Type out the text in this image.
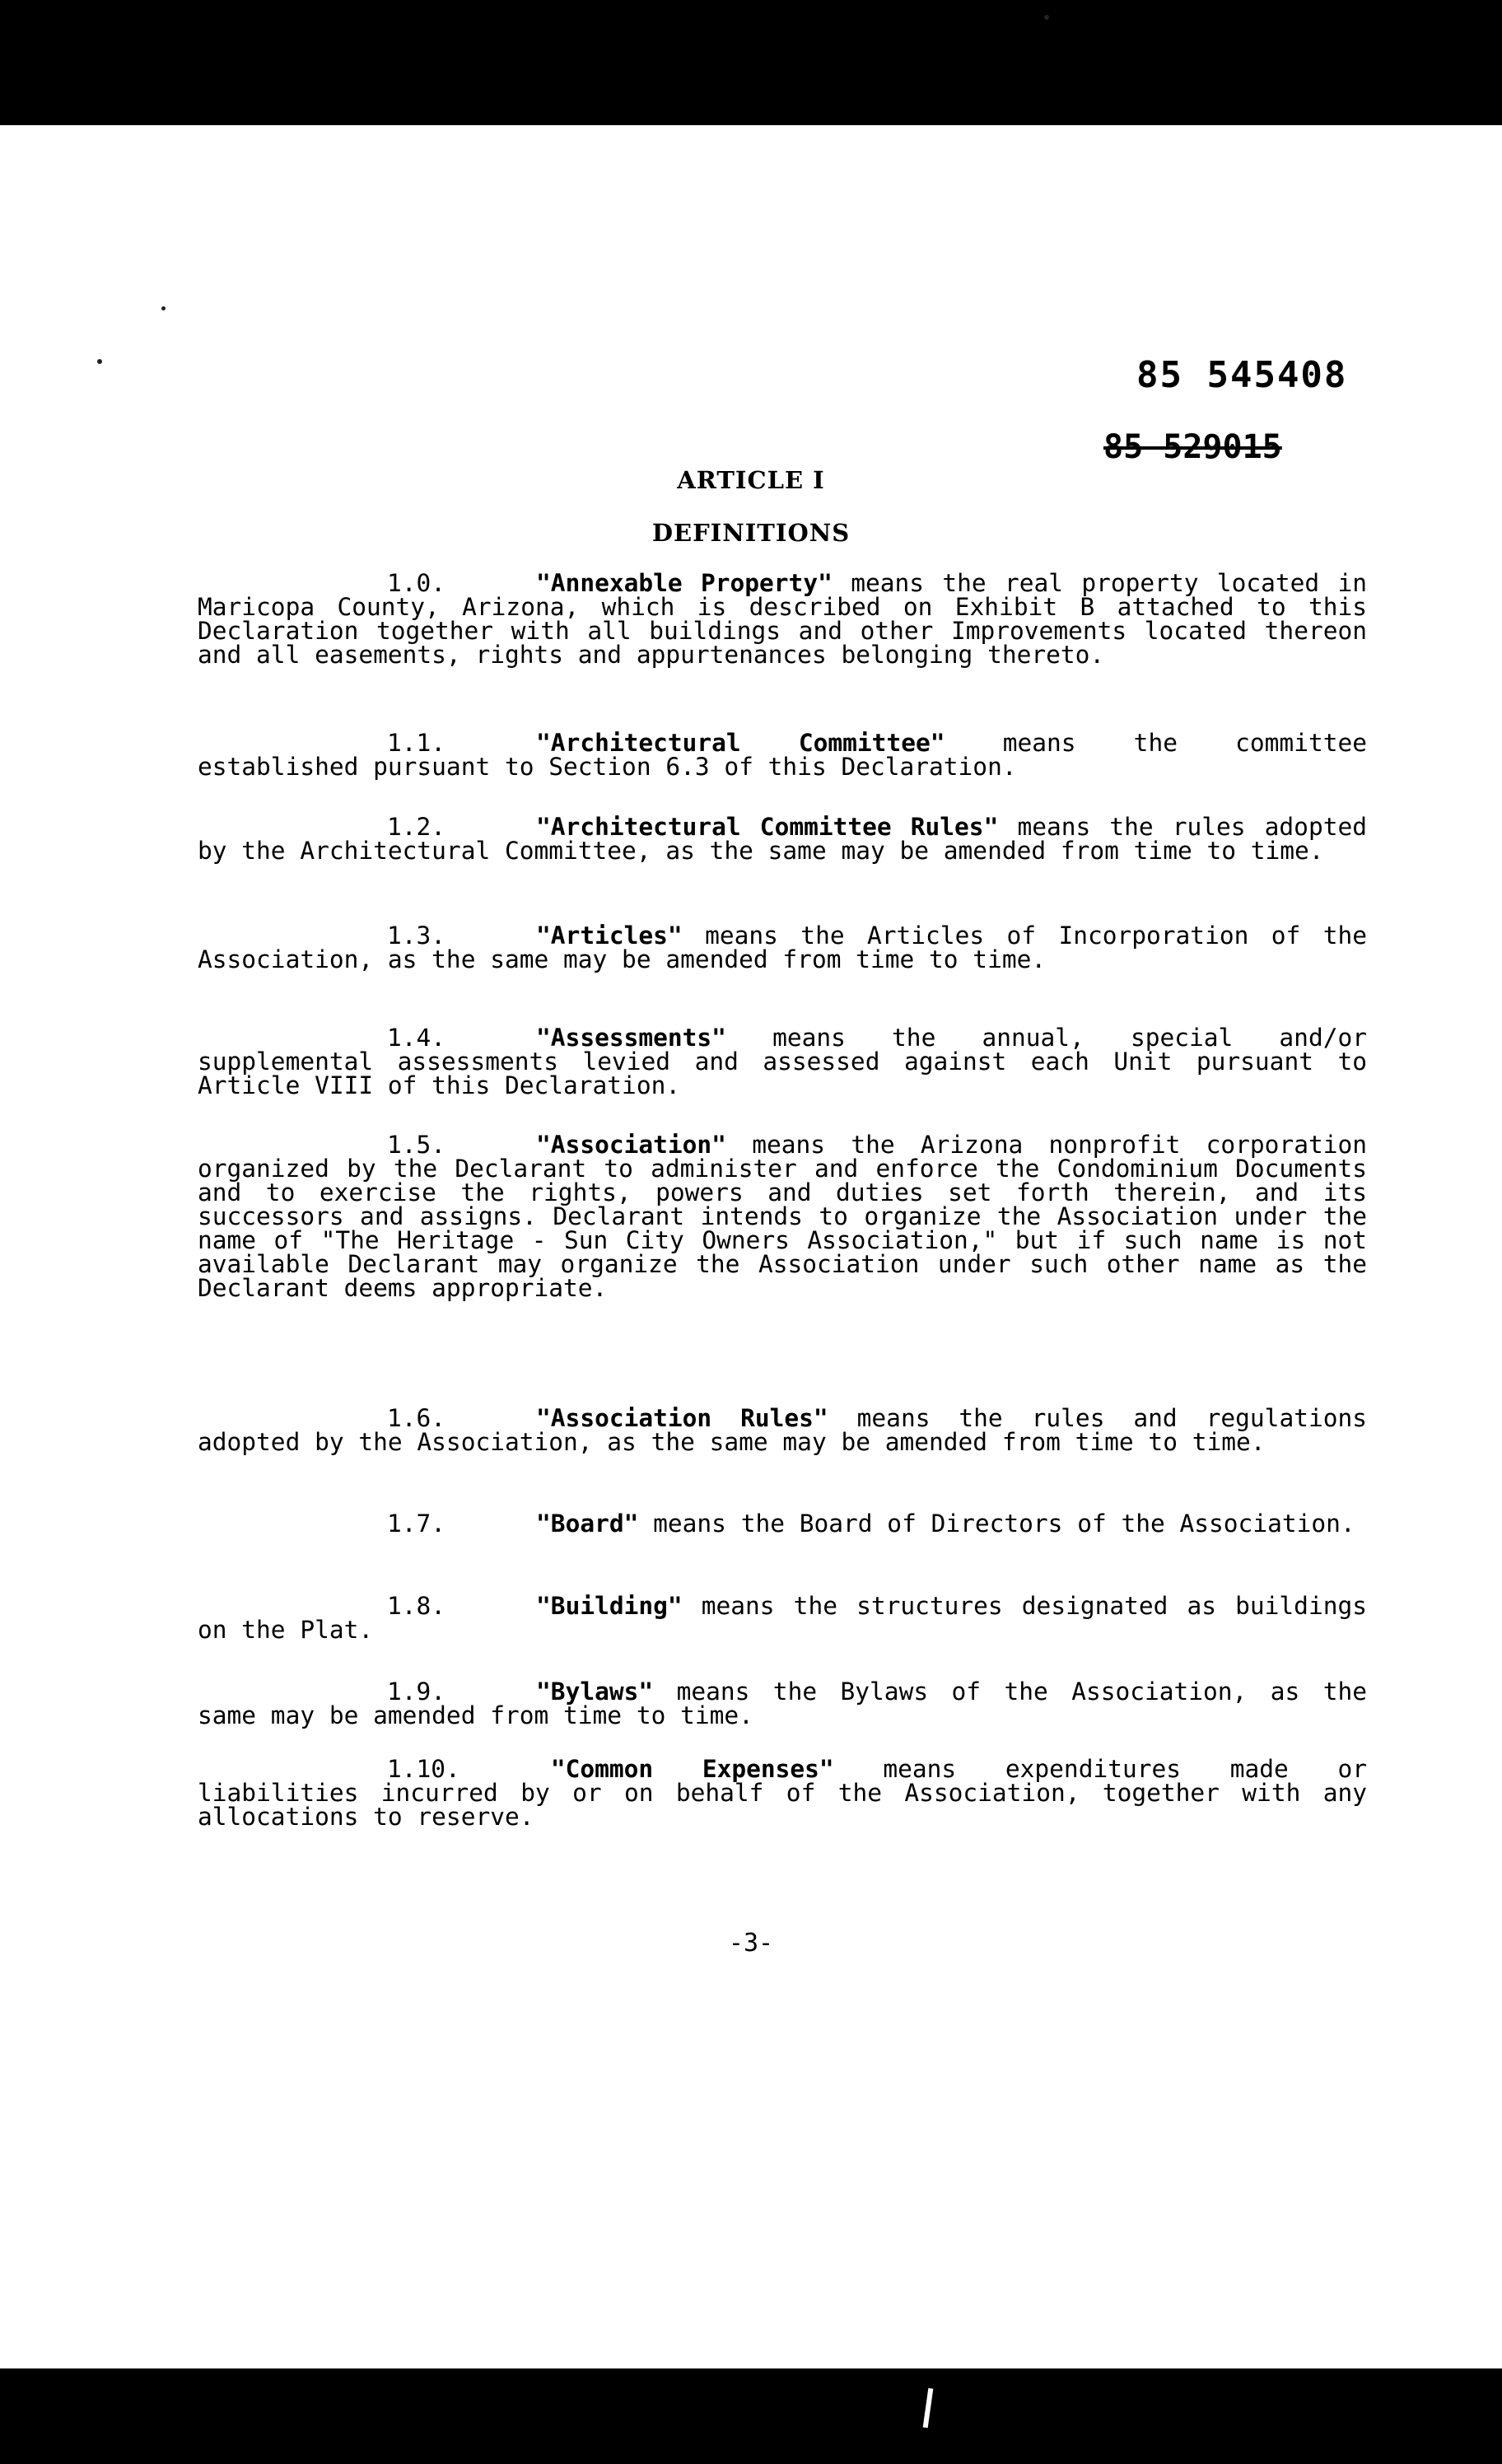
85 545408
85 529015
ARTICLE I
DEFINITIONS
1.0.	"Annexable Property" means the real property located in Maricopa County, Arizona, which is described on Exhibit B attached to this Declaration together with all buildings and other Improvements located thereon and all easements, rights and appurtenances belonging thereto.
1.1.	"Architectural Committee" means the committee established pursuant to Section 6.3 of this Declaration.
1.2.	"Architectural Committee Rules" means the rules adopted by the Architectural Committee, as the same may be amended from time to time.
1.3.	"Articles" means the Articles of Incorporation of the Association, as the same may be amended from time to time.
1.4.	"Assessments" means the annual, special and/or supplemental assessments levied and assessed against each Unit pursuant to Article VIII of this Declaration.
1.5.	"Association" means the Arizona nonprofit corporation organized by the Declarant to administer and enforce the Condominium Documents and to exercise the rights, powers and duties set forth therein, and its successors and assigns. Declarant intends to organize the Association under the name of "The Heritage - Sun City Owners Association," but if such name is not available Declarant may organize the Association under such other name as the Declarant deems appropriate.
1.6.	"Association Rules" means the rules and regulations adopted by the Association, as the same may be amended from time to time.
1.7.	"Board" means the Board of Directors of the Association.
1.8.	"Building" means the structures designated as buildings on the Plat.
1.9.	"Bylaws" means the Bylaws of the Association, as the same may be amended from time to time.
1.10.	"Common Expenses" means expenditures made or liabilities incurred by or on behalf of the Association, together with any allocations to reserve.
-3-
